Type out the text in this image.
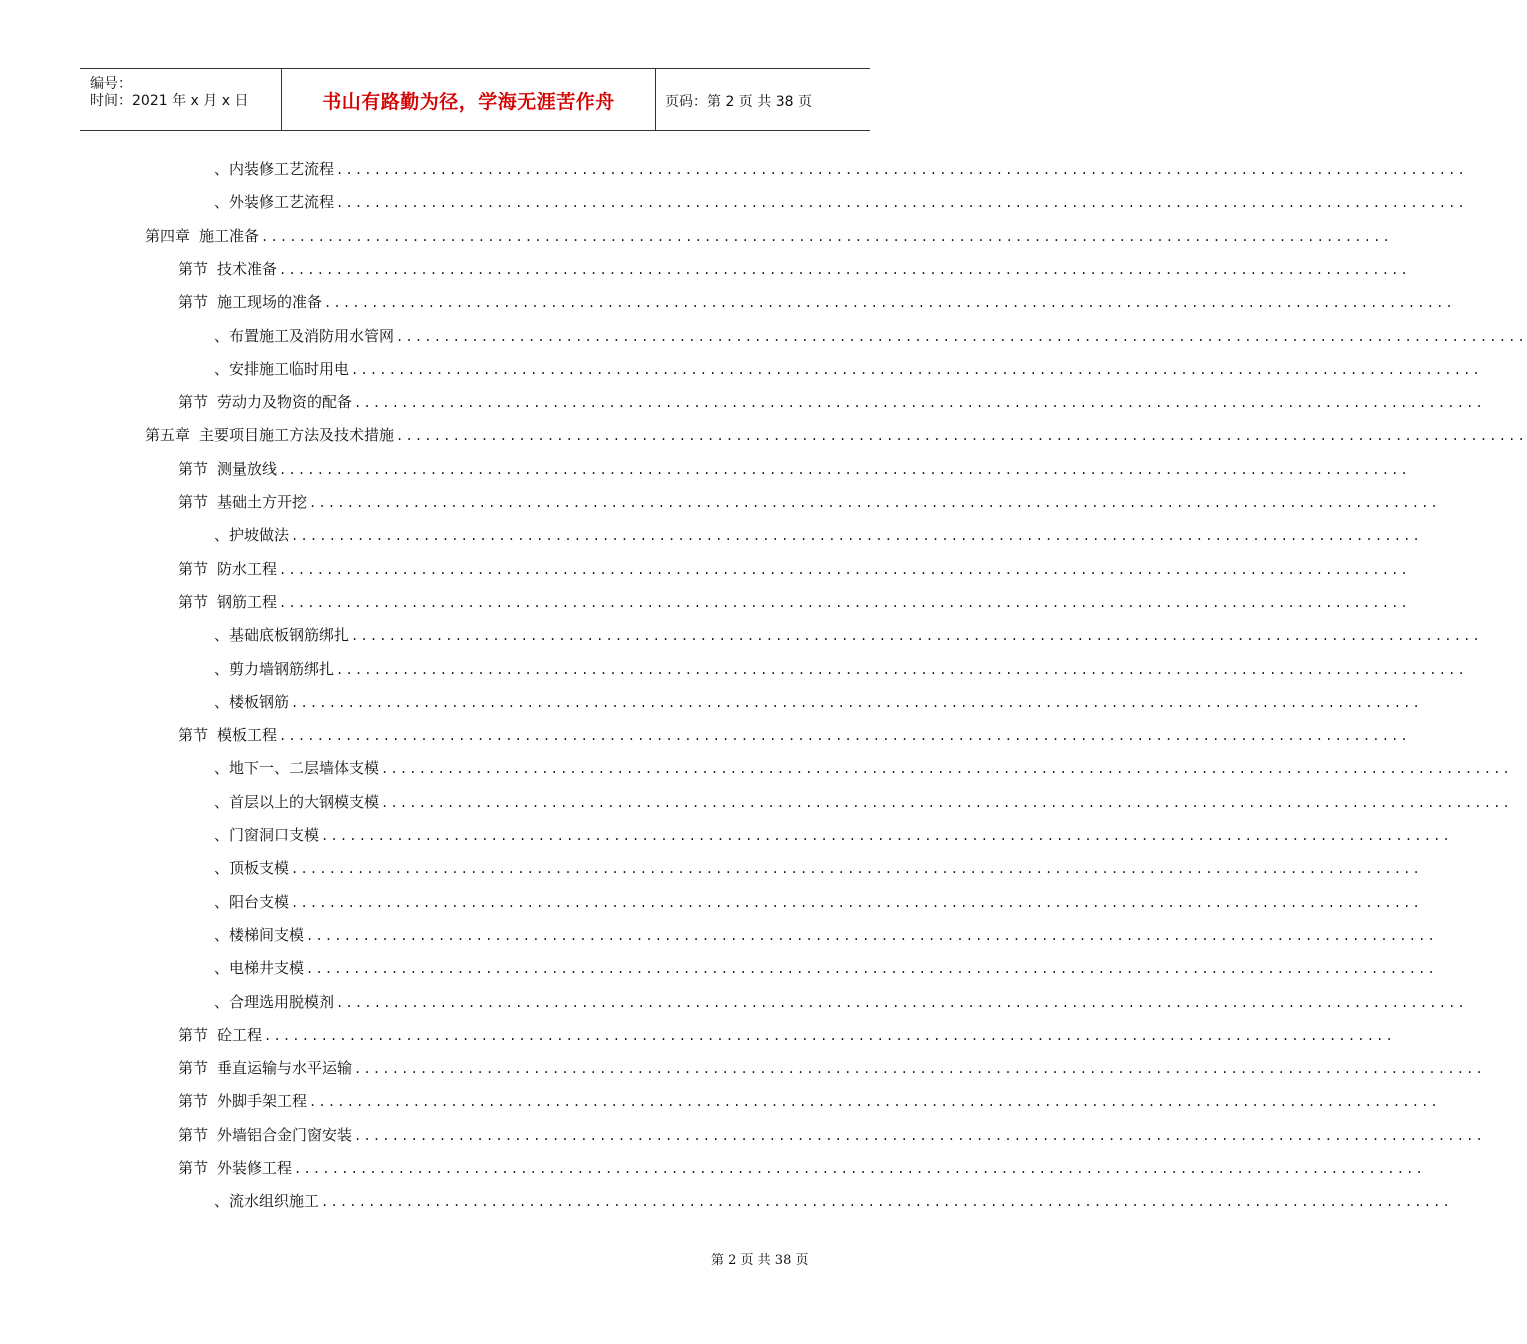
编号：
时间：2021 年 x 月 x 日	书山有路勤为径，学海无涯苦作舟	页码：第 2 页 共 38 页
、 内装修工艺流程 ........................................................................................................................
、 外装修工艺流程 ........................................................................................................................
第四章 施工准备 ........................................................................................................................
第节 技术准备 ........................................................................................................................
第节 施工现场的准备 ........................................................................................................................
、 布置施工及消防用水管网 ........................................................................................................................
、 安排施工临时用电 ........................................................................................................................
第节 劳动力及物资的配备 ........................................................................................................................
第五章 主要项目施工方法及技术措施 ........................................................................................................................
第节 测量放线 ........................................................................................................................
第节 基础土方开挖 ........................................................................................................................
、 护坡做法 ........................................................................................................................
第节 防水工程 ........................................................................................................................
第节 钢筋工程 ........................................................................................................................
、 基础底板钢筋绑扎 ........................................................................................................................
、 剪力墙钢筋绑扎 ........................................................................................................................
、 楼板钢筋 ........................................................................................................................
第节 模板工程 ........................................................................................................................
、 地下一、二层墙体支模 ........................................................................................................................
、 首层以上的大钢模支模 ........................................................................................................................
、 门窗洞口支模 ........................................................................................................................
、 顶板支模 ........................................................................................................................
、 阳台支模 ........................................................................................................................
、 楼梯间支模 ........................................................................................................................
、 电梯井支模 ........................................................................................................................
、 合理选用脱模剂 ........................................................................................................................
第节 砼工程 ........................................................................................................................
第节 垂直运输与水平运输 ........................................................................................................................
第节 外脚手架工程 ........................................................................................................................
第节 外墙铝合金门窗安装 ........................................................................................................................
第节 外装修工程 ........................................................................................................................
、 流水组织施工 ........................................................................................................................
第 2 页 共 38 页
